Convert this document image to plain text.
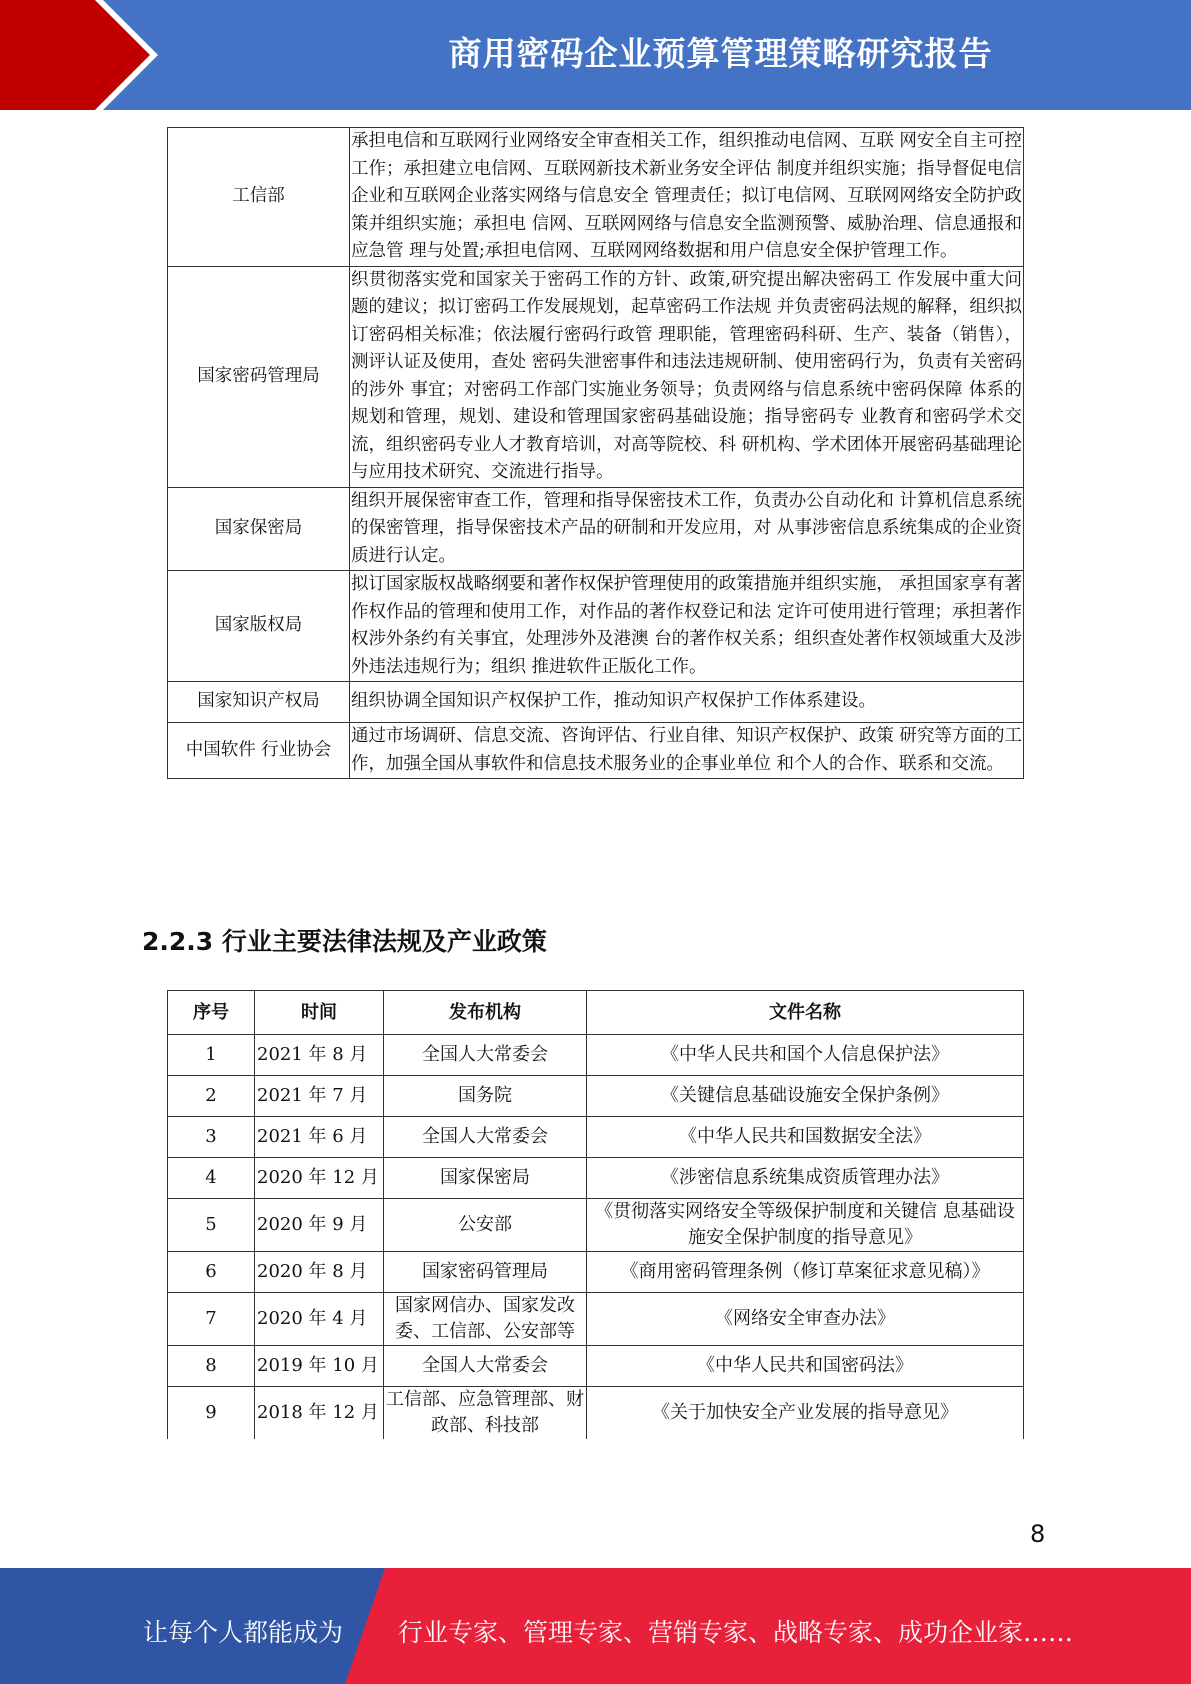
商用密码企业预算管理策略研究报告
工信部	承担电信和互联网行业网络安全审查相关工作，组织推动电信网、互联 网安全自主可控工作；承担建立电信网、互联网新技术新业务安全评估 制度并组织实施；指导督促电信企业和互联网企业落实网络与信息安全 管理责任；拟订电信网、互联网网络安全防护政策并组织实施；承担电 信网、互联网网络与信息安全监测预警、威胁治理、信息通报和应急管 理与处置;承担电信网、互联网网络数据和用户信息安全保护管理工作。
国家密码管理局	织贯彻落实党和国家关于密码工作的方针、政策,研究提出解决密码工 作发展中重大问题的建议；拟订密码工作发展规划，起草密码工作法规 并负责密码法规的解释，组织拟订密码相关标准；依法履行密码行政管 理职能，管理密码科研、生产、装备（销售），测评认证及使用，查处 密码失泄密事件和违法违规研制、使用密码行为，负责有关密码的涉外 事宜；对密码工作部门实施业务领导；负责网络与信息系统中密码保障 体系的规划和管理，规划、建设和管理国家密码基础设施；指导密码专 业教育和密码学术交流，组织密码专业人才教育培训，对高等院校、科 研机构、学术团体开展密码基础理论与应用技术研究、交流进行指导。
国家保密局	组织开展保密审查工作，管理和指导保密技术工作，负责办公自动化和 计算机信息系统的保密管理，指导保密技术产品的研制和开发应用，对 从事涉密信息系统集成的企业资质进行认定。
国家版权局	拟订国家版权战略纲要和著作权保护管理使用的政策措施并组织实施， 承担国家享有著作权作品的管理和使用工作，对作品的著作权登记和法 定许可使用进行管理；承担著作权涉外条约有关事宜，处理涉外及港澳 台的著作权关系；组织查处著作权领域重大及涉外违法违规行为；组织 推进软件正版化工作。
国家知识产权局	组织协调全国知识产权保护工作，推动知识产权保护工作体系建设。
中国软件 行业协会	通过市场调研、信息交流、咨询评估、行业自律、知识产权保护、政策 研究等方面的工作，加强全国从事软件和信息技术服务业的企事业单位 和个人的合作、联系和交流。
2.2.3 行业主要法律法规及产业政策
序号	时间	发布机构	文件名称
1	2021 年 8 月	全国人大常委会	《中华人民共和国个人信息保护法》
2	2021 年 7 月	国务院	《关键信息基础设施安全保护条例》
3	2021 年 6 月	全国人大常委会	《中华人民共和国数据安全法》
4	2020 年 12 月	国家保密局	《涉密信息系统集成资质管理办法》
5	2020 年 9 月	公安部	《贯彻落实网络安全等级保护制度和关键信 息基础设施安全保护制度的指导意见》
6	2020 年 8 月	国家密码管理局	《商用密码管理条例（修订草案征求意见稿）》
7	2020 年 4 月	国家网信办、国家发改委、工信部、公安部等	《网络安全审查办法》
8	2019 年 10 月	全国人大常委会	《中华人民共和国密码法》
9	2018 年 12 月	工信部、应急管理部、财政部、科技部	《关于加快安全产业发展的指导意见》
8
让每个人都能成为 行业专家、管理专家、营销专家、战略专家、成功企业家……
